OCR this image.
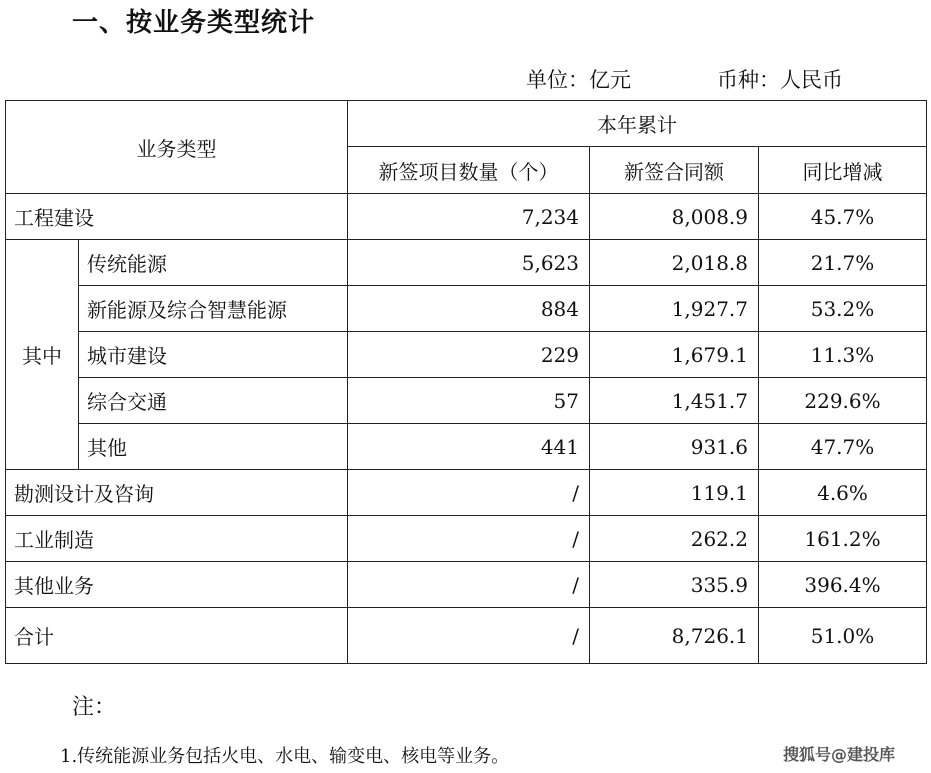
一、按业务类型统计
单位：亿元	币种：人民币
业务类型		本年累计		
		新签项目数量（个）	新签合同额	同比增减
工程建设		7,234	8,008.9	45.7%
其中	传统能源	5,623	2,018.8	21.7%
	新能源及综合智慧能源	884	1,927.7	53.2%
	城市建设	229	1,679.1	11.3%
	综合交通	57	1,451.7	229.6%
	其他	441	931.6	47.7%
勘测设计及咨询		/	119.1	4.6%
工业制造		/	262.2	161.2%
其他业务		/	335.9	396.4%
合计		/	8,726.1	51.0%
注：
1.传统能源业务包括火电、水电、输变电、核电等业务。	搜狐号@建投库
